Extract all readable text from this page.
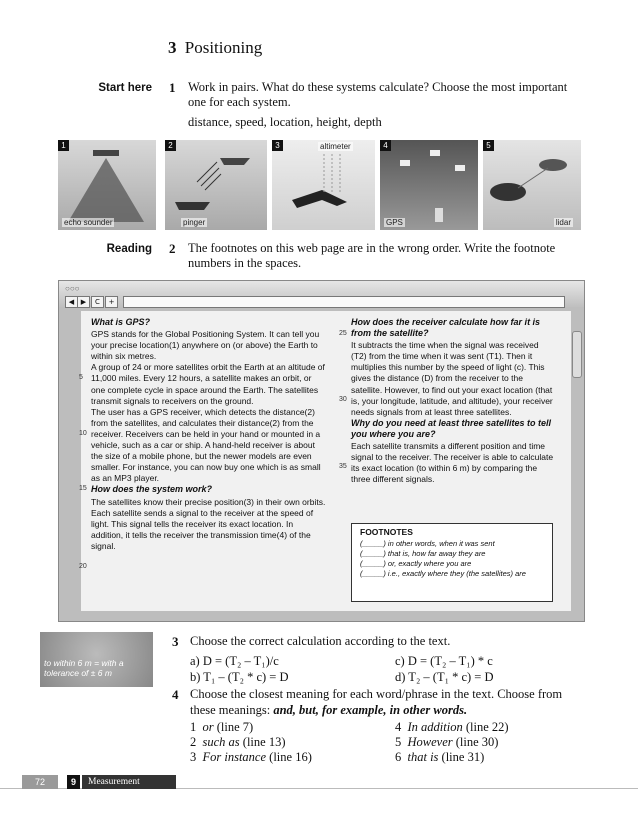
3 Positioning
Start here 1 Work in pairs. What do these systems calculate? Choose the most important one for each system.
distance, speed, location, height, depth
1
echo sounder
2
pinger
3	altimeter	4
GPS
5
lidar
Reading 2 The footnotes on this web page are in the wrong order. Write the footnote numbers in the spaces.
○○○
◀ ▶	C	+

What is GPS?

GPS stands for the Global Positioning System. It can tell you your precise location(1) anywhere on (or above) the Earth to within six metres.

A group of 24 or more satellites orbit the Earth at an altitude of 11,000 miles. Every 12 hours, a satellite makes an orbit, or one complete cycle in space around the Earth. The satellites transmit signals to receivers on the ground.

The user has a GPS receiver, which detects the distance(2) from the satellites, and calculates their distance(2) from the receiver. Receivers can be held in your hand or mounted in a vehicle, such as a car or ship. A hand-held receiver is about the size of a mobile phone, but the newer models are even smaller. For instance, you can now buy one which is as small as an MP3 player.

How does the system work?

The satellites know their precise position(3) in their own orbits. Each satellite sends a signal to the receiver at the speed of light. This signal tells the receiver its exact location. In addition, it tells the receiver the transmission time(4) of the signal.

5
10
15
20

How does the receiver calculate how far it is from the satellite?

It subtracts the time when the signal was received (T2) from the time when it was sent (T1). Then it multiplies this number by the speed of light (c). This gives the distance (D) from the receiver to the satellite. However, to find out your exact location (that is, your longitude, latitude, and altitude), your receiver needs signals from at least three satellites.

Why do you need at least three satellites to tell you where you are?

Each satellite transmits a different position and time signal to the receiver. The receiver is able to calculate its exact location (to within 6 m) by comparing the three different signals.

25
30
35
FOOTNOTES
(_____) in other words, when it was sent
(_____) that is, how far away they are
(_____) or, exactly where you are
(_____) i.e., exactly where they (the satellites) are
to within 6 m = with a tolerance of ± 6 m
3 Choose the correct calculation according to the text.
a) D = (T₂ – T₁)/c
b) T₁ – (T₂ * c) = D
c) D = (T₂ – T₁) * c
d) T₂ – (T₁ * c) = D
4 Choose the closest meaning for each word/phrase in the text. Choose from these meanings: and, but, for example, in other words.
1 or (line 7)
2 such as (line 13)
3 For instance (line 16)
4 In addition (line 22)
5 However (line 30)
6 that is (line 31)
72	9	Measurement
